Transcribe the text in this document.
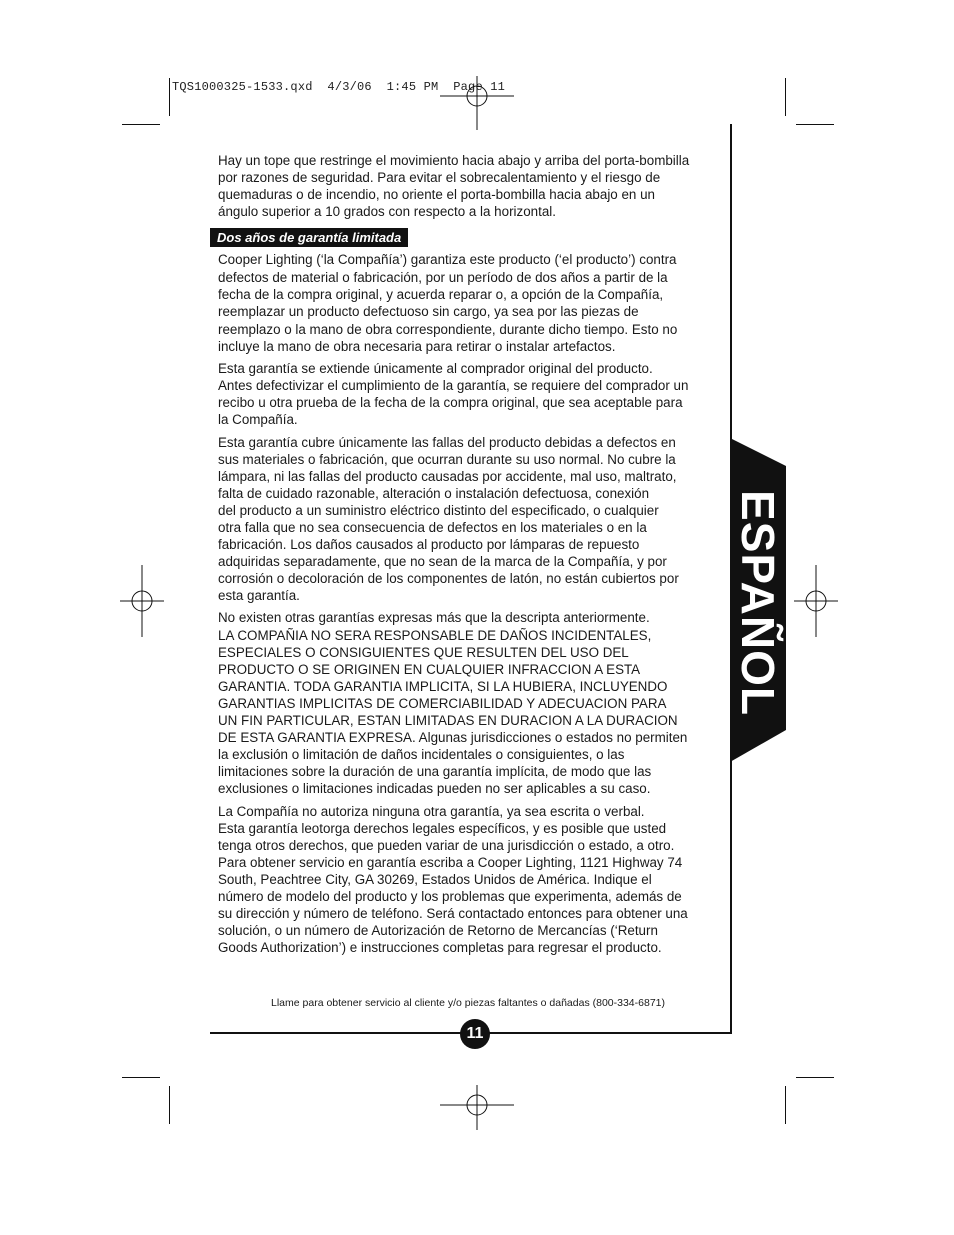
TQS1000325-1533.qxd  4/3/06  1:45 PM  Page 11
ESPAÑOL

Hay un tope que restringe el movimiento hacia abajo y arriba del porta-bombilla
por razones de seguridad. Para evitar el sobrecalentamiento y el riesgo de
quemaduras o de incendio, no oriente el porta-bombilla hacia abajo en un
ángulo superior a 10 grados con respecto a la horizontal.

Dos años de garantía limitada

Cooper Lighting (‘la Compañía’) garantiza este producto (‘el producto’) contra
defectos de material o fabricación, por un período de dos años a partir de la
fecha de la compra original, y acuerda reparar o, a opción de la Compañía,
reemplazar un producto defectuoso sin cargo, ya sea por las piezas de
reemplazo o la mano de obra correspondiente, durante dicho tiempo. Esto no
incluye la mano de obra necesaria para retirar o instalar artefactos.

Esta garantía se extiende únicamente al comprador original del producto.
Antes defectivizar el cumplimiento de la garantía, se requiere del comprador un
recibo u otra prueba de la fecha de la compra original, que sea aceptable para
la Compañía.

Esta garantía cubre únicamente las fallas del producto debidas a defectos en
sus materiales o fabricación, que ocurran durante su uso normal. No cubre la
lámpara, ni las fallas del producto causadas por accidente, mal uso, maltrato,
falta de cuidado razonable, alteración o instalación defectuosa, conexión
del producto a un suministro eléctrico distinto del especificado, o cualquier
otra falla que no sea consecuencia de defectos en los materiales o en la
fabricación. Los daños causados al producto por lámparas de repuesto
adquiridas separadamente, que no sean de la marca de la Compañía, y por
corrosión o decoloración de los componentes de latón, no están cubiertos por
esta garantía.

No existen otras garantías expresas más que la descripta anteriormente.
LA COMPAÑIA NO SERA RESPONSABLE DE DAÑOS INCIDENTALES,
ESPECIALES O CONSIGUIENTES QUE RESULTEN DEL USO DEL
PRODUCTO O SE ORIGINEN EN CUALQUIER INFRACCION A ESTA
GARANTIA. TODA GARANTIA IMPLICITA, SI LA HUBIERA, INCLUYENDO
GARANTIAS IMPLICITAS DE COMERCIABILIDAD Y ADECUACION PARA
UN FIN PARTICULAR, ESTAN LIMITADAS EN DURACION A LA DURACION
DE ESTA GARANTIA EXPRESA. Algunas jurisdicciones o estados no permiten
la exclusión o limitación de daños incidentales o consiguientes, o las
limitaciones sobre la duración de una garantía implícita, de modo que las
exclusiones o limitaciones indicadas pueden no ser aplicables a su caso.

La Compañía no autoriza ninguna otra garantía, ya sea escrita o verbal.
Esta garantía leotorga derechos legales específicos, y es posible que usted
tenga otros derechos, que pueden variar de una jurisdicción o estado, a otro.
Para obtener servicio en garantía escriba a Cooper Lighting, 1121 Highway 74
South, Peachtree City, GA 30269, Estados Unidos de América. Indique el
número de modelo del producto y los problemas que experimenta, además de
su dirección y número de teléfono. Será contactado entonces para obtener una
solución, o un número de Autorización de Retorno de Mercancías (‘Return
Goods Authorization’) e instrucciones completas para regresar el producto.

Llame para obtener servicio al cliente y/o piezas faltantes o dañadas (800-334-6871)
11
